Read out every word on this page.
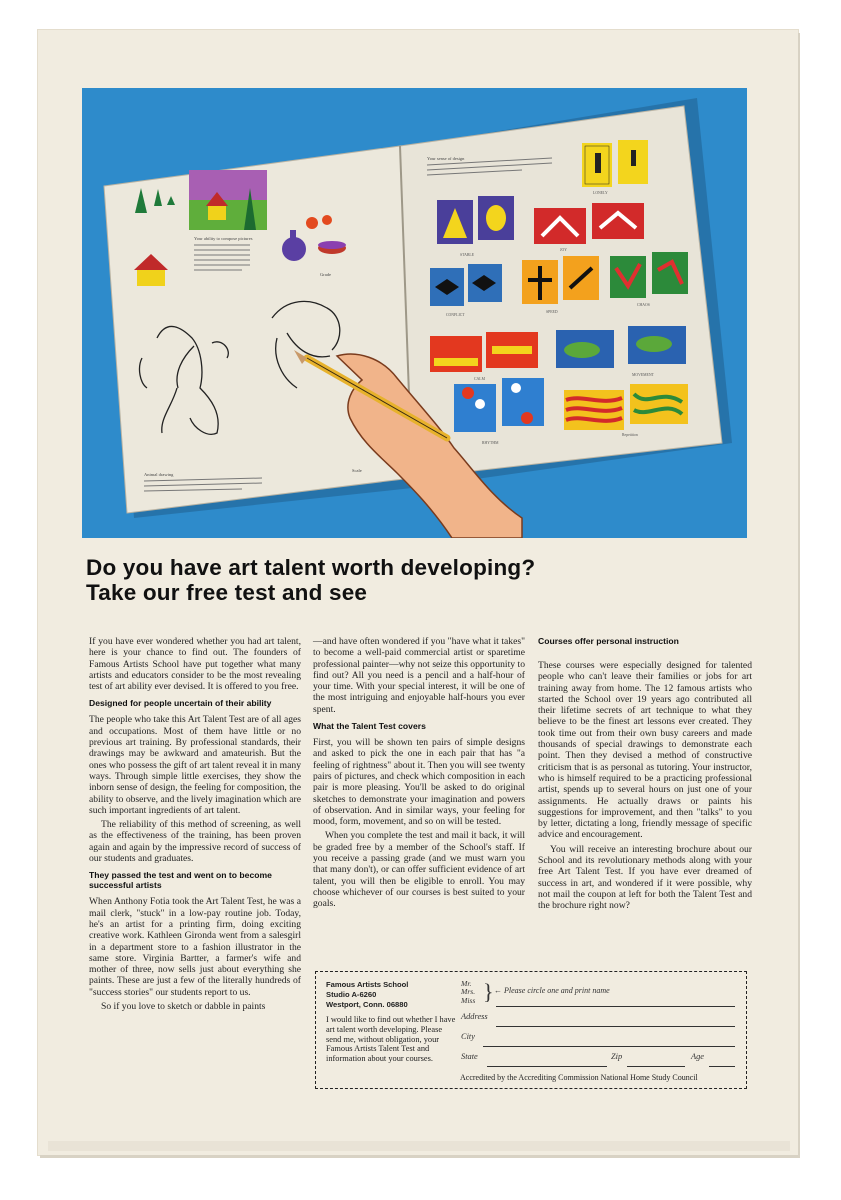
Your ability to compose pictures
Grade
Animal drawing
Scale
Your sense of design
LONELY
STABLE
JOY
CONFLICT
SPEED
CHAOS
CALM
MOVEMENT
RHYTHM
Repetition
Do you have art talent worth developing?
Take our free test and see

If you have ever wondered whether you had art talent, here is your chance to find out. The founders of Famous Artists School have put together what many artists and educators consider to be the most revealing test of art ability ever devised. It is offered to you free.

Designed for people uncertain of their ability

The people who take this Art Talent Test are of all ages and occupations. Most of them have little or no previous art training. By professional standards, their drawings may be awkward and amateurish. But the ones who possess the gift of art talent reveal it in many ways. Through simple little exercises, they show the inborn sense of design, the feeling for composition, the ability to observe, and the lively imagination which are such important ingredients of art talent.

The reliability of this method of screening, as well as the effectiveness of the training, has been proven again and again by the impressive record of success of our students and graduates.

They passed the test and went on to become successful artists

When Anthony Fotia took the Art Talent Test, he was a mail clerk, "stuck" in a low-pay routine job. Today, he's an artist for a printing firm, doing exciting creative work. Kathleen Gironda went from a salesgirl in a department store to a fashion illustrator in the same store. Virginia Bartter, a farmer's wife and mother of three, now sells just about everything she paints. These are just a few of the literally hundreds of "success stories" our students report to us.

So if you love to sketch or dabble in paints

—and have often wondered if you "have what it takes" to become a well-paid commercial artist or sparetime professional painter—why not seize this opportunity to find out? All you need is a pencil and a half-hour of your time. With your special interest, it will be one of the most intriguing and enjoyable half-hours you ever spent.

What the Talent Test covers

First, you will be shown ten pairs of simple designs and asked to pick the one in each pair that has "a feeling of rightness" about it. Then you will see twenty pairs of pictures, and check which composition in each pair is more pleasing. You'll be asked to do original sketches to demonstrate your imagination and powers of observation. And in similar ways, your feeling for mood, form, movement, and so on will be tested.

When you complete the test and mail it back, it will be graded free by a member of the School's staff. If you receive a passing grade (and we must warn you that many don't), or can offer sufficient evidence of art talent, you will then be eligible to enroll. You may choose whichever of our courses is best suited to your goals.

Courses offer personal instruction

These courses were especially designed for talented people who can't leave their families or jobs for art training away from home. The 12 famous artists who started the School over 19 years ago contributed all their lifetime secrets of art technique to what they believe to be the finest art lessons ever created. They took time out from their own busy careers and made thousands of special drawings to demonstrate each point. Then they devised a method of constructive criticism that is as personal as tutoring. Your instructor, who is himself required to be a practicing professional artist, spends up to several hours on just one of your assignments. He actually draws or paints his suggestions for improvement, and then "talks" to you by letter, dictating a long, friendly message of specific advice and encouragement.

You will receive an interesting brochure about our School and its revolutionary methods along with your free Art Talent Test. If you have ever dreamed of success in art, and wondered if it were possible, why not mail the coupon at left for both the Talent Test and the brochure right now?

Famous Artists School
Studio A-6260
Westport, Conn. 06880
I would like to find out whether I have art talent worth developing. Please send me, without obligation, your Famous Artists Talent Test and information about your courses.
Mr.
Mrs.
Miss } ← Please circle one and print name
Address
City
State	Zip	Age
Accredited by the Accrediting Commission National Home Study Council
